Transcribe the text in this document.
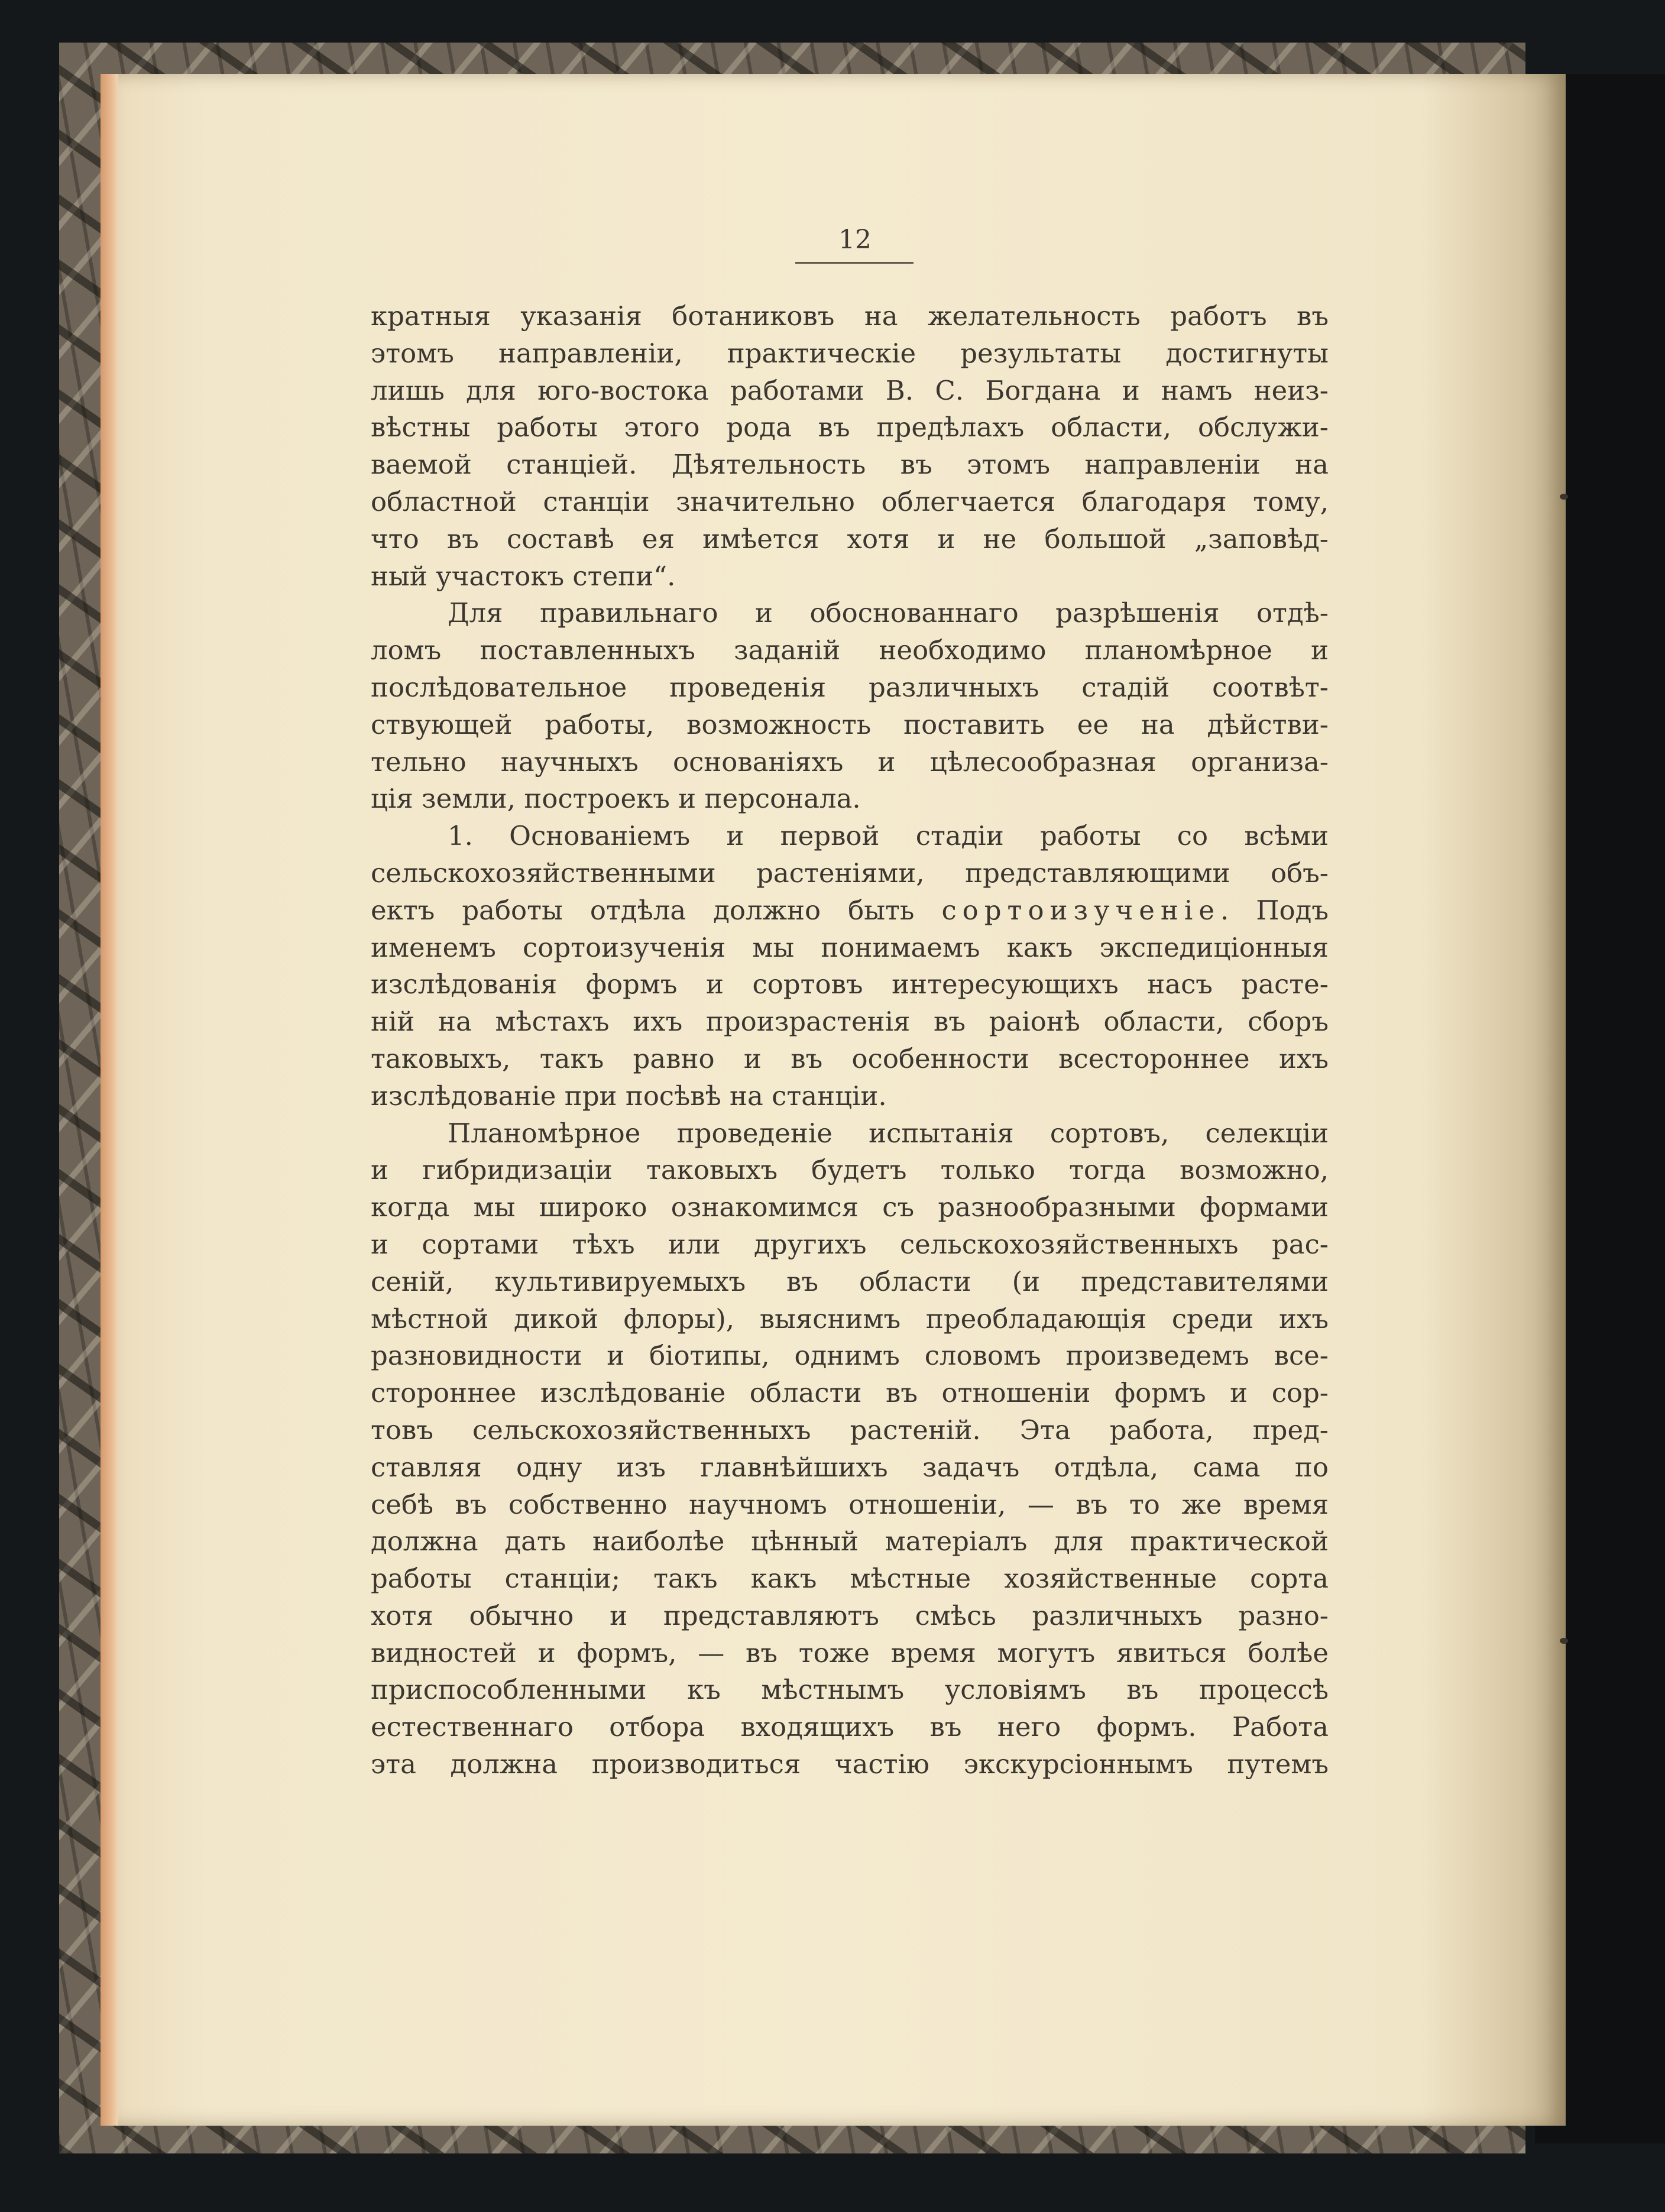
12
кратныя указанія ботаниковъ на желательность работъ въ
этомъ направленіи, практическіе результаты достигнуты
лишь для юго-востока работами В. С. Богдана и намъ неиз-
вѣстны работы этого рода въ предѣлахъ области, обслужи-
ваемой станціей. Дѣятельность въ этомъ направленіи на
областной станціи значительно облегчается благодаря тому,
что въ составѣ ея имѣется хотя и не большой „заповѣд-
ный участокъ степи“.
Для правильнаго и обоснованнаго разрѣшенія отдѣ-
ломъ поставленныхъ заданій необходимо планомѣрное и
послѣдовательное проведенія различныхъ стадій соотвѣт-
ствующей работы, возможность поставить ее на дѣйстви-
тельно научныхъ основаніяхъ и цѣлесообразная организа-
ція земли, построекъ и персонала.
1. Основаніемъ и первой стадіи работы со всѣми
сельскохозяйственными растеніями, представляющими объ-
ектъ работы отдѣла должно быть сортоизученіе. Подъ
именемъ сортоизученія мы понимаемъ какъ экспедиціонныя
изслѣдованія формъ и сортовъ интересующихъ насъ расте-
ній на мѣстахъ ихъ произрастенія въ раіонѣ области, сборъ
таковыхъ, такъ равно и въ особенности всестороннее ихъ
изслѣдованіе при посѣвѣ на станціи.
Планомѣрное проведеніе испытанія сортовъ, селекціи
и гибридизаціи таковыхъ будетъ только тогда возможно,
когда мы широко ознакомимся съ разнообразными формами
и сортами тѣхъ или другихъ сельскохозяйственныхъ рас-
сеній, культивируемыхъ въ области (и представителями
мѣстной дикой флоры), выяснимъ преобладающія среди ихъ
разновидности и біотипы, однимъ словомъ произведемъ все-
стороннее изслѣдованіе области въ отношеніи формъ и сор-
товъ сельскохозяйственныхъ растеній. Эта работа, пред-
ставляя одну изъ главнѣйшихъ задачъ отдѣла, сама по
себѣ въ собственно научномъ отношеніи, — въ то же время
должна дать наиболѣе цѣнный матеріалъ для практической
работы станціи; такъ какъ мѣстные хозяйственные сорта
хотя обычно и представляютъ смѣсь различныхъ разно-
видностей и формъ, — въ тоже время могутъ явиться болѣе
приспособленными къ мѣстнымъ условіямъ въ процессѣ
естественнаго отбора входящихъ въ него формъ. Работа
эта должна производиться частію экскурсіоннымъ путемъ
